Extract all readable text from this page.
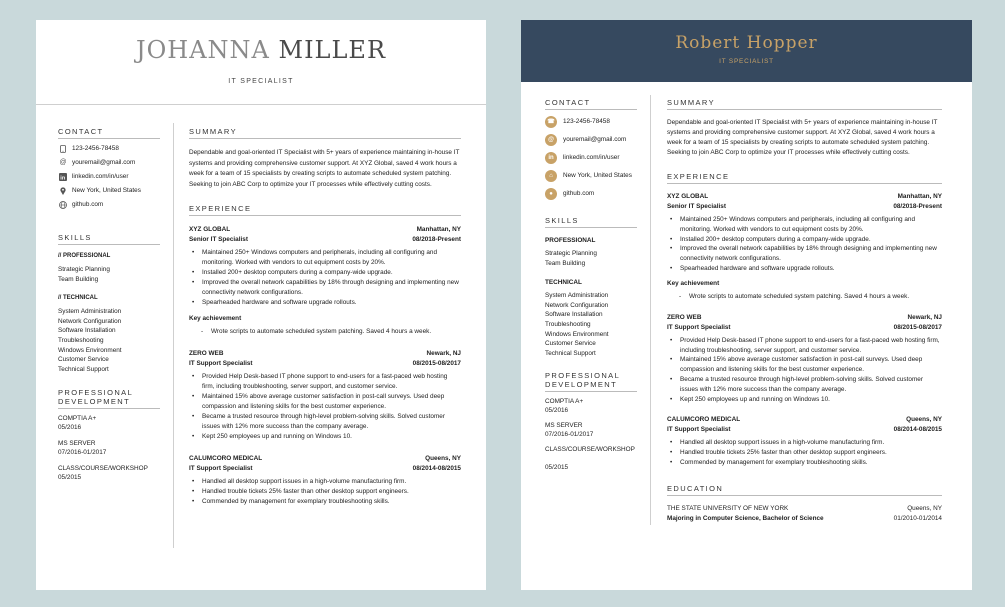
JOHANNA MILLER
IT SPECIALIST
CONTACT
123-2456-78458
@ youremail@gmail.com
in linkedin.com/in/user
New York, United States
github.com
SKILLS
// PROFESSIONAL
Strategic Planning
Team Building
// TECHNICAL
System Administration
Network Configuration
Software Installation
Troubleshooting
Windows Environment
Customer Service
Technical Support
PROFESSIONAL
DEVELOPMENT
COMPTIA A+
05/2016
MS SERVER
07/2016-01/2017
CLASS/COURSE/WORKSHOP
05/2015
SUMMARY

Dependable and goal-oriented IT Specialist with 5+ years of experience maintaining in-house IT systems and providing comprehensive customer support. At XYZ Global, saved 4 work hours a week for a team of 15 specialists by creating scripts to automate scheduled system patching. Seeking to join ABC Corp to optimize your IT processes while effectively cutting costs.

EXPERIENCE
XYZ GLOBAL	Manhattan, NY
Senior IT Specialist	08/2018-Present
• Maintained 250+ Windows computers and peripherals, including all configuring and monitoring. Worked with vendors to cut equipment costs by 20%.
• Installed 200+ desktop computers during a company-wide upgrade.
• Improved the overall network capabilities by 18% through designing and implementing new connectivity network configurations.
• Spearheaded hardware and software upgrade rollouts.
Key achievement
- Wrote scripts to automate scheduled system patching. Saved 4 hours a week.
ZERO WEB	Newark, NJ
IT Support Specialist	08/2015-08/2017
• Provided Help Desk-based IT phone support to end-users for a fast-paced web hosting firm, including troubleshooting, server support, and customer service.
• Maintained 15% above average customer satisfaction in post-call surveys. Used deep compassion and listening skills for the best customer experience.
• Became a trusted resource through high-level problem-solving skills. Solved customer issues with 12% more success than the company average.
• Kept 250 employees up and running on Windows 10.
CALUMCORO MEDICAL	Queens, NY
IT Support Specialist	08/2014-08/2015
• Handled all desktop support issues in a high-volume manufacturing firm.
• Handled trouble tickets 25% faster than other desktop support engineers.
• Commended by management for exemplary troubleshooting skills.
Robert Hopper
IT SPECIALIST
CONTACT
☎	123-2456-78458
@	youremail@gmail.com
in	linkedin.com/in/user
⌂	New York, United States
●	github.com
SKILLS
PROFESSIONAL
Strategic Planning
Team Building
TECHNICAL
System Administration
Network Configuration
Software Installation
Troubleshooting
Windows Environment
Customer Service
Technical Support
PROFESSIONAL
DEVELOPMENT
COMPTIA A+
05/2016
MS SERVER
07/2016-01/2017
CLASS/COURSE/WORKSHOP
05/2015
SUMMARY

Dependable and goal-oriented IT Specialist with 5+ years of experience maintaining in-house IT systems and providing comprehensive customer support. At XYZ Global, saved 4 work hours a week for a team of 15 specialists by creating scripts to automate scheduled system patching. Seeking to join ABC Corp to optimize your IT processes while effectively cutting costs.

EXPERIENCE
XYZ GLOBAL	Manhattan, NY
Senior IT Specialist	08/2018-Present
• Maintained 250+ Windows computers and peripherals, including all configuring and monitoring. Worked with vendors to cut equipment costs by 20%.
• Installed 200+ desktop computers during a company-wide upgrade.
• Improved the overall network capabilities by 18% through designing and implementing new connectivity network configurations.
• Spearheaded hardware and software upgrade rollouts.
Key achievement
- Wrote scripts to automate scheduled system patching. Saved 4 hours a week.
ZERO WEB	Newark, NJ
IT Support Specialist	08/2015-08/2017
• Provided Help Desk-based IT phone support to end-users for a fast-paced web hosting firm, including troubleshooting, server support, and customer service.
• Maintained 15% above average customer satisfaction in post-call surveys. Used deep compassion and listening skills for the best customer experience.
• Became a trusted resource through high-level problem-solving skills. Solved customer issues with 12% more success than the company average.
• Kept 250 employees up and running on Windows 10.
CALUMCORO MEDICAL	Queens, NY
IT Support Specialist	08/2014-08/2015
• Handled all desktop support issues in a high-volume manufacturing firm.
• Handled trouble tickets 25% faster than other desktop support engineers.
• Commended by management for exemplary troubleshooting skills.
EDUCATION
THE STATE UNIVERSITY OF NEW YORK	Queens, NY
Majoring in Computer Science, Bachelor of Science	01/2010-01/2014
